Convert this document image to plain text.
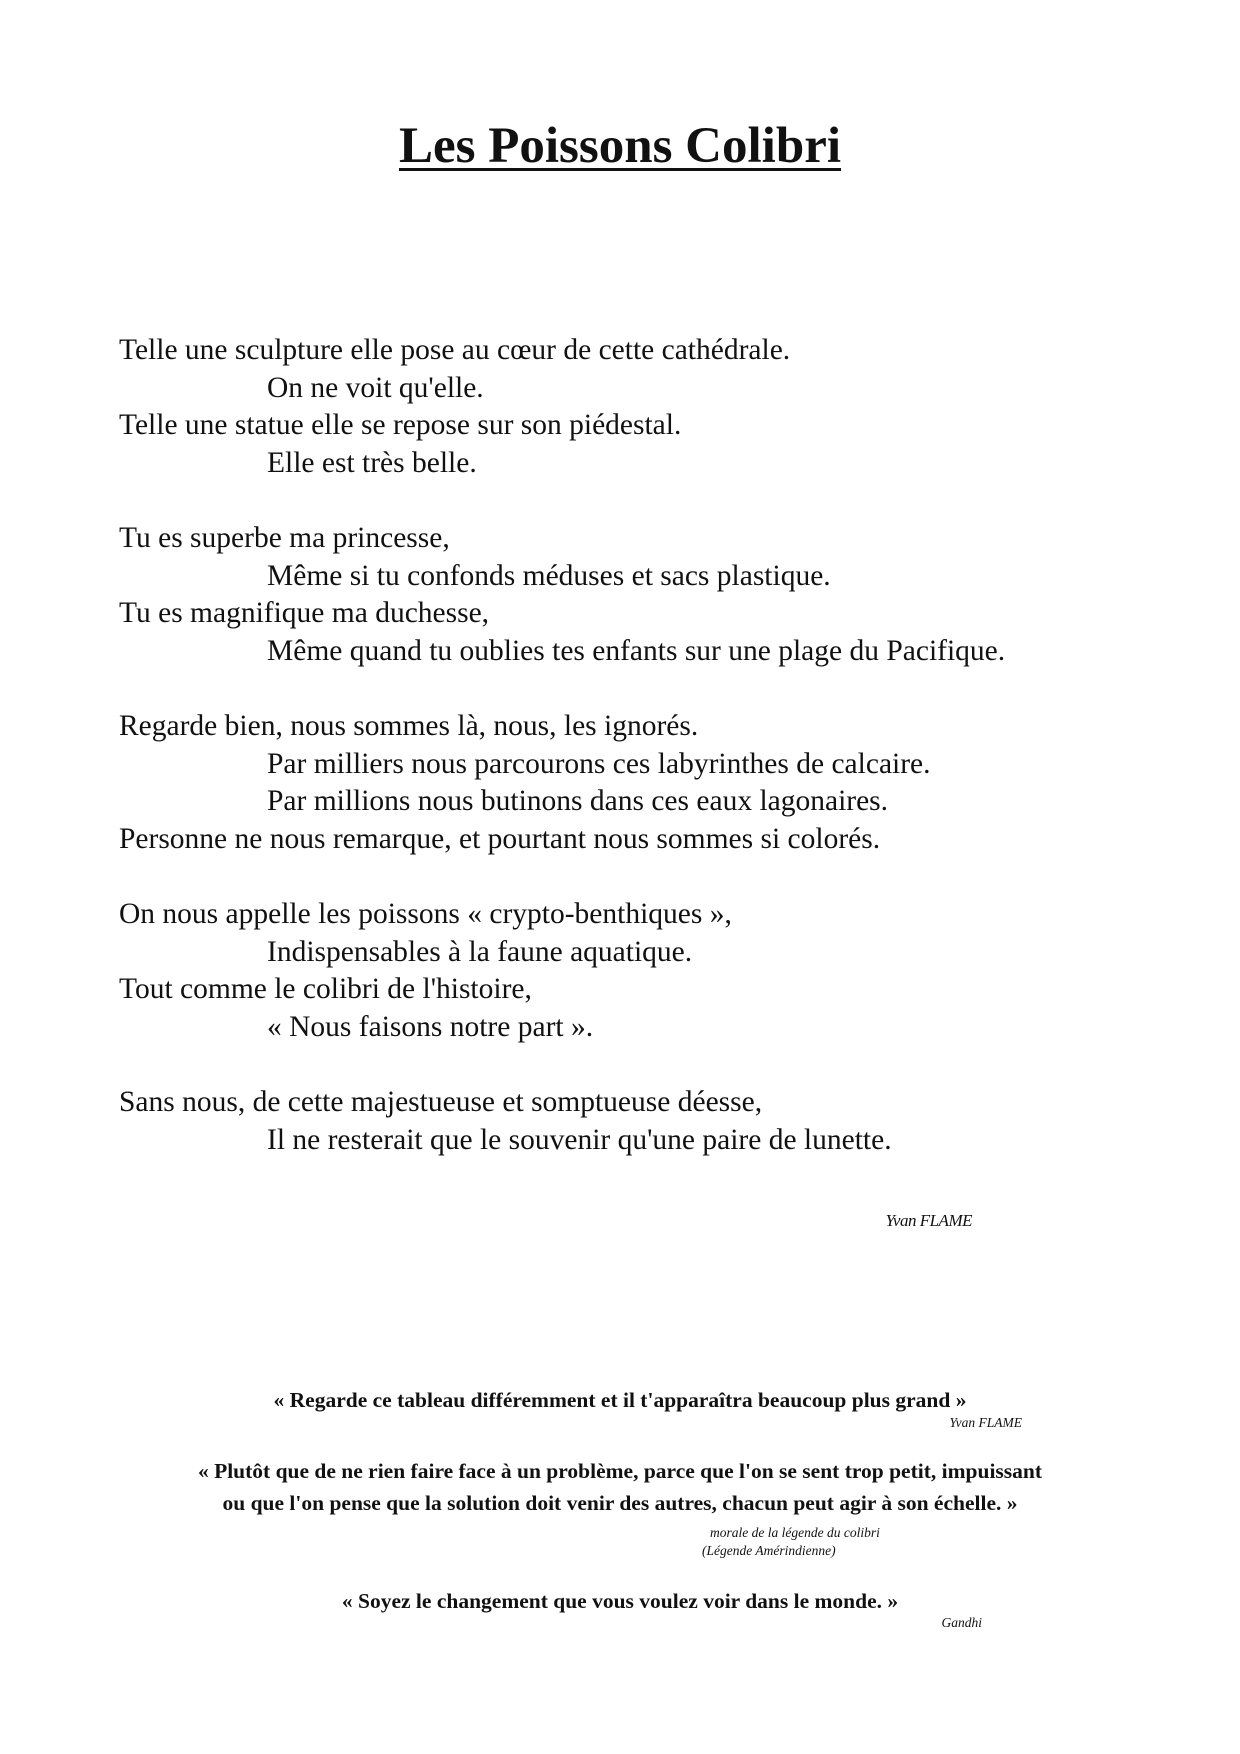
Les Poissons Colibri

Telle une sculpture elle pose au cœur de cette cathédrale.

On ne voit qu'elle.

Telle une statue elle se repose sur son piédestal.

Elle est très belle.

Tu es superbe ma princesse,

Même si tu confonds méduses et sacs plastique.

Tu es magnifique ma duchesse,

Même quand tu oublies tes enfants sur une plage du Pacifique.

Regarde bien, nous sommes là, nous, les ignorés.

Par milliers nous parcourons ces labyrinthes de calcaire.

Par millions nous butinons dans ces eaux lagonaires.

Personne ne nous remarque, et pourtant nous sommes si colorés.

On nous appelle les poissons « crypto-benthiques »,

Indispensables à la faune aquatique.

Tout comme le colibri de l'histoire,

« Nous faisons notre part ».

Sans nous, de cette majestueuse et somptueuse déesse,

Il ne resterait que le souvenir qu'une paire de lunette.

Yvan FLAME

« Regarde ce tableau différemment et il t'apparaîtra beaucoup plus grand »

Yvan FLAME

« Plutôt que de ne rien faire face à un problème, parce que l'on se sent trop petit, impuissant
ou que l'on pense que la solution doit venir des autres, chacun peut agir à son échelle. »

morale de la légende du colibri
(Légende Amérindienne)

« Soyez le changement que vous voulez voir dans le monde. »

Gandhi
